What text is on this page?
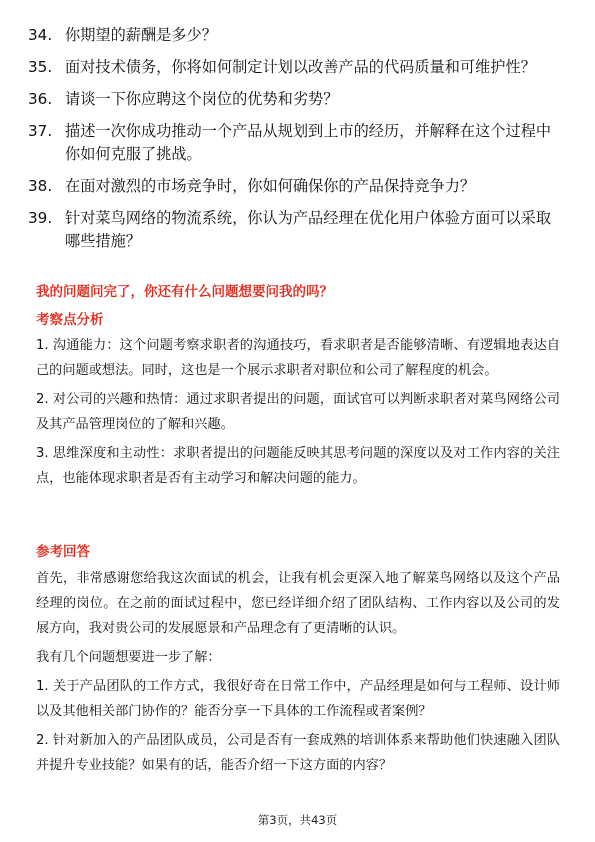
34. 你期望的薪酬是多少？
35. 面对技术债务，你将如何制定计划以改善产品的代码质量和可维护性？
36. 请谈一下你应聘这个岗位的优势和劣势？
37. 描述一次你成功推动一个产品从规划到上市的经历，并解释在这个过程中你如何克服了挑战。
38. 在面对激烈的市场竞争时，你如何确保你的产品保持竞争力？
39. 针对菜鸟网络的物流系统，你认为产品经理在优化用户体验方面可以采取哪些措施？
我的问题问完了，你还有什么问题想要问我的吗？
考察点分析
1. 沟通能力：这个问题考察求职者的沟通技巧，看求职者是否能够清晰、有逻辑地表达自己的问题或想法。同时，这也是一个展示求职者对职位和公司了解程度的机会。
2. 对公司的兴趣和热情：通过求职者提出的问题，面试官可以判断求职者对菜鸟网络公司及其产品管理岗位的了解和兴趣。
3. 思维深度和主动性：求职者提出的问题能反映其思考问题的深度以及对工作内容的关注点，也能体现求职者是否有主动学习和解决问题的能力。
参考回答
首先，非常感谢您给我这次面试的机会，让我有机会更深入地了解菜鸟网络以及这个产品经理的岗位。在之前的面试过程中，您已经详细介绍了团队结构、工作内容以及公司的发展方向，我对贵公司的发展愿景和产品理念有了更清晰的认识。
我有几个问题想要进一步了解：
1. 关于产品团队的工作方式，我很好奇在日常工作中，产品经理是如何与工程师、设计师以及其他相关部门协作的？能否分享一下具体的工作流程或者案例？
2. 针对新加入的产品团队成员，公司是否有一套成熟的培训体系来帮助他们快速融入团队并提升专业技能？如果有的话，能否介绍一下这方面的内容？
第3页，共43页
